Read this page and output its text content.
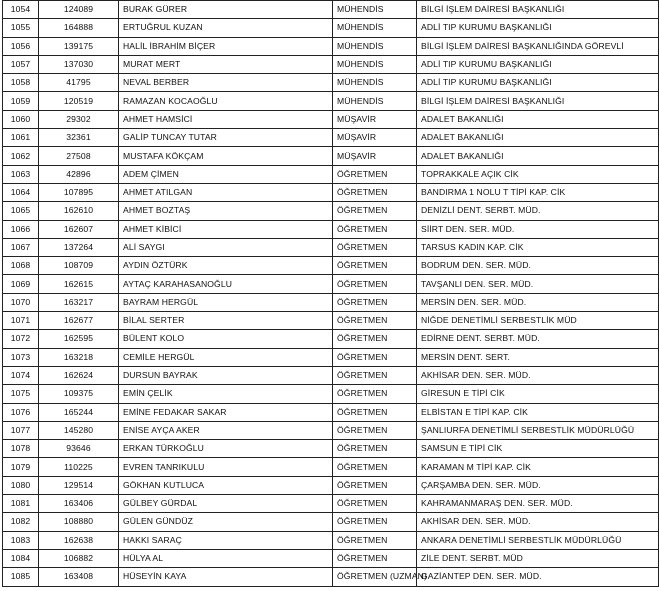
1054	124089	BURAK GÜRER	MÜHENDİS	BİLGİ İŞLEM DAİRESİ BAŞKANLIĞI
1055	164888	ERTUĞRUL KUZAN	MÜHENDİS	ADLİ TIP KURUMU BAŞKANLIĞI
1056	139175	HALİL İBRAHİM BİÇER	MÜHENDİS	BİLGİ İŞLEM DAİRESİ BAŞKANLIĞINDA GÖREVLİ
1057	137030	MURAT MERT	MÜHENDİS	ADLİ TIP KURUMU BAŞKANLIĞI
1058	41795	NEVAL BERBER	MÜHENDİS	ADLİ TIP KURUMU BAŞKANLIĞI
1059	120519	RAMAZAN KOCAOĞLU	MÜHENDİS	BİLGİ İŞLEM DAİRESİ BAŞKANLIĞI
1060	29302	AHMET HAMSİCİ	MÜŞAVİR	ADALET BAKANLIĞI
1061	32361	GALİP TUNCAY TUTAR	MÜŞAVİR	ADALET BAKANLIĞI
1062	27508	MUSTAFA KÖKÇAM	MÜŞAVİR	ADALET BAKANLIĞI
1063	42896	ADEM ÇİMEN	ÖĞRETMEN	TOPRAKKALE AÇIK CİK
1064	107895	AHMET ATILGAN	ÖĞRETMEN	BANDIRMA 1 NOLU T TİPİ KAP. CİK
1065	162610	AHMET BOZTAŞ	ÖĞRETMEN	DENİZLİ DENT. SERBT. MÜD.
1066	162607	AHMET KİBİCİ	ÖĞRETMEN	SİİRT DEN. SER. MÜD.
1067	137264	ALİ SAYGI	ÖĞRETMEN	TARSUS KADIN KAP. CİK
1068	108709	AYDIN ÖZTÜRK	ÖĞRETMEN	BODRUM DEN. SER. MÜD.
1069	162615	AYTAÇ KARAHASANOĞLU	ÖĞRETMEN	TAVŞANLI DEN. SER. MÜD.
1070	163217	BAYRAM HERGÜL	ÖĞRETMEN	MERSİN DEN. SER. MÜD.
1071	162677	BİLAL SERTER	ÖĞRETMEN	NİĞDE DENETİMLİ SERBESTLİK MÜD
1072	162595	BÜLENT KOLO	ÖĞRETMEN	EDİRNE DENT. SERBT. MÜD.
1073	163218	CEMİLE HERGÜL	ÖĞRETMEN	MERSİN DENT. SERT.
1074	162624	DURSUN BAYRAK	ÖĞRETMEN	AKHİSAR DEN. SER. MÜD.
1075	109375	EMİN ÇELİK	ÖĞRETMEN	GİRESUN E TİPİ CİK
1076	165244	EMİNE FEDAKAR SAKAR	ÖĞRETMEN	ELBİSTAN E TİPİ KAP. CİK
1077	145280	ENİSE AYÇA AKER	ÖĞRETMEN	ŞANLIURFA DENETİMLİ SERBESTLİK MÜDÜRLÜĞÜ
1078	93646	ERKAN TÜRKOĞLU	ÖĞRETMEN	SAMSUN E TİPİ CİK
1079	110225	EVREN TANRIKULU	ÖĞRETMEN	KARAMAN M TİPİ KAP. CİK
1080	129514	GÖKHAN KUTLUCA	ÖĞRETMEN	ÇARŞAMBA DEN. SER. MÜD.
1081	163406	GÜLBEY GÜRDAL	ÖĞRETMEN	KAHRAMANMARAŞ DEN. SER. MÜD.
1082	108880	GÜLEN GÜNDÜZ	ÖĞRETMEN	AKHİSAR DEN. SER. MÜD.
1083	162638	HAKKI SARAÇ	ÖĞRETMEN	ANKARA DENETİMLİ SERBESTLİK MÜDÜRLÜĞÜ
1084	106882	HÜLYA AL	ÖĞRETMEN	ZİLE DENT. SERBT. MÜD
1085	163408	HÜSEYİN KAYA	ÖĞRETMEN (UZMAN)	GAZİANTEP DEN. SER. MÜD.
